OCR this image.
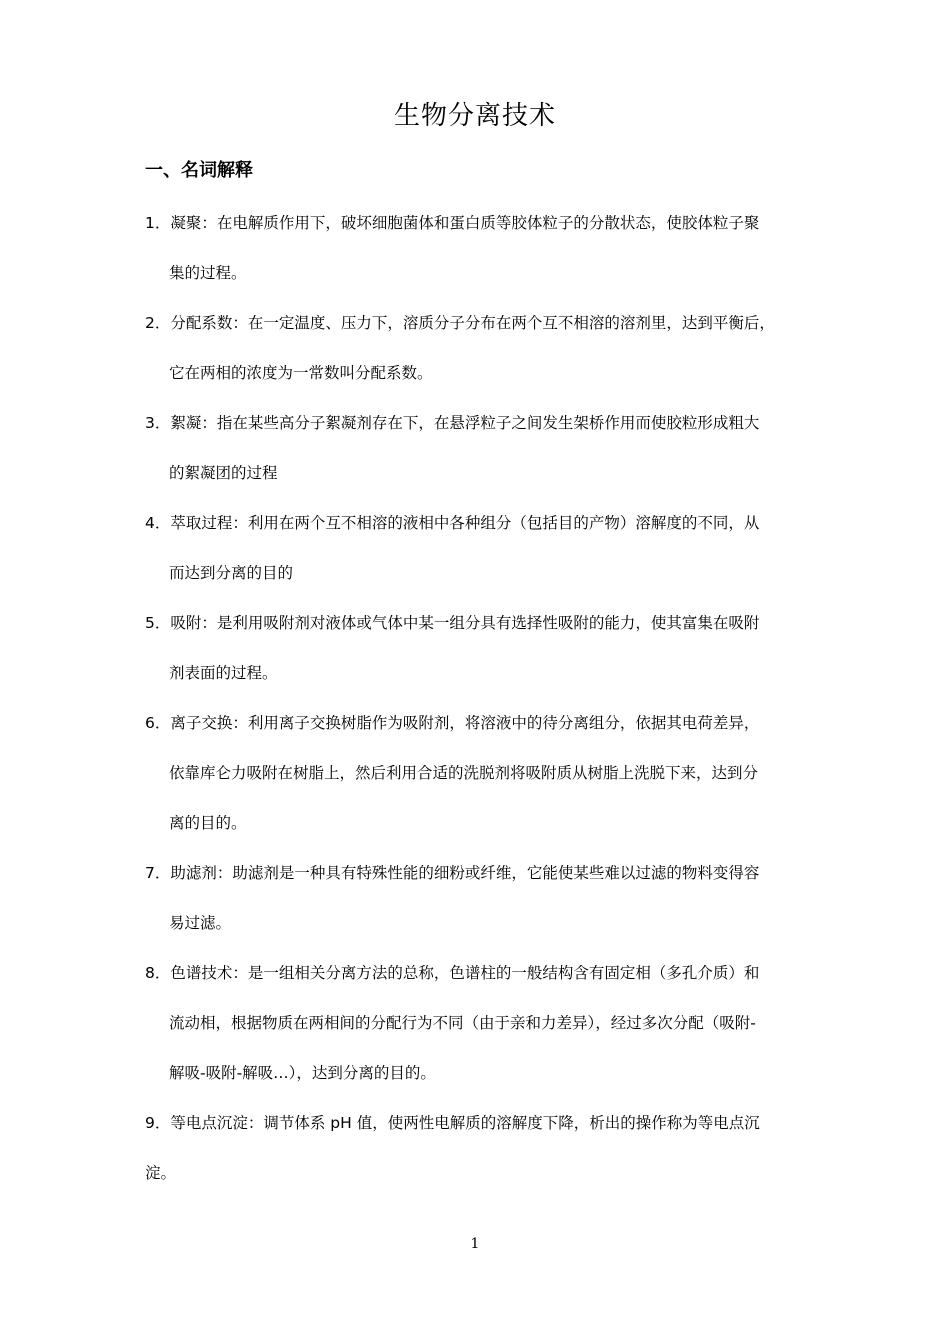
生物分离技术
一、名词解释
1．凝聚：在电解质作用下，破坏细胞菌体和蛋白质等胶体粒子的分散状态，使胶体粒子聚
集的过程。
2．分配系数：在一定温度、压力下，溶质分子分布在两个互不相溶的溶剂里，达到平衡后，
它在两相的浓度为一常数叫分配系数。
3．絮凝：指在某些高分子絮凝剂存在下，在悬浮粒子之间发生架桥作用而使胶粒形成粗大
的絮凝团的过程
4．萃取过程：利用在两个互不相溶的液相中各种组分（包括目的产物）溶解度的不同，从
而达到分离的目的
5．吸附：是利用吸附剂对液体或气体中某一组分具有选择性吸附的能力，使其富集在吸附
剂表面的过程。
6．离子交换：利用离子交换树脂作为吸附剂，将溶液中的待分离组分，依据其电荷差异，
依靠库仑力吸附在树脂上，然后利用合适的洗脱剂将吸附质从树脂上洗脱下来，达到分
离的目的。
7．助滤剂：助滤剂是一种具有特殊性能的细粉或纤维，它能使某些难以过滤的物料变得容
易过滤。
8．色谱技术：是一组相关分离方法的总称，色谱柱的一般结构含有固定相（多孔介质）和
流动相，根据物质在两相间的分配行为不同（由于亲和力差异），经过多次分配（吸附-
解吸-吸附-解吸…），达到分离的目的。
9．等电点沉淀：调节体系 pH 值，使两性电解质的溶解度下降，析出的操作称为等电点沉
淀。
1
